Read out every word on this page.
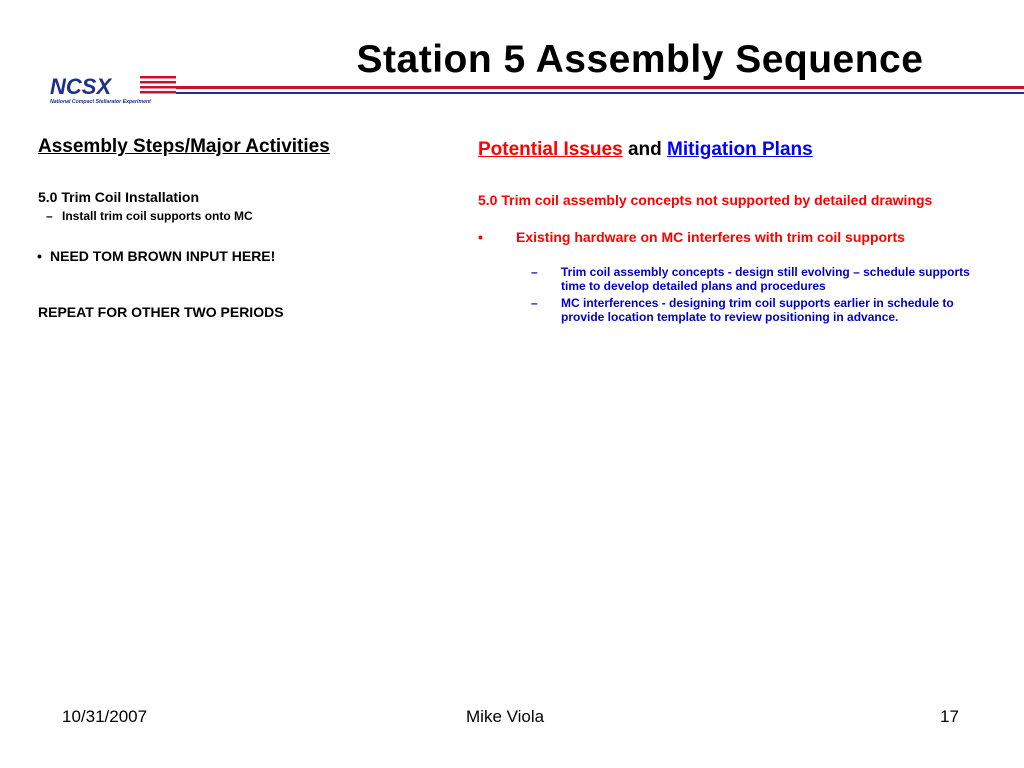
Station 5 Assembly Sequence
NCSX
National Compact Stellarator Experiment
Assembly Steps/Major Activities
5.0 Trim Coil Installation
– Install trim coil supports onto MC
• NEED TOM BROWN INPUT HERE!
REPEAT FOR OTHER TWO PERIODS
Potential Issues and Mitigation Plans
5.0 Trim coil assembly concepts not supported by detailed drawings
• Existing hardware on MC interferes with trim coil supports
– Trim coil assembly concepts - design still evolving – schedule supports time to develop detailed plans and procedures
– MC interferences - designing trim coil supports earlier in schedule to provide location template to review positioning in advance.
10/31/2007	Mike Viola	17
